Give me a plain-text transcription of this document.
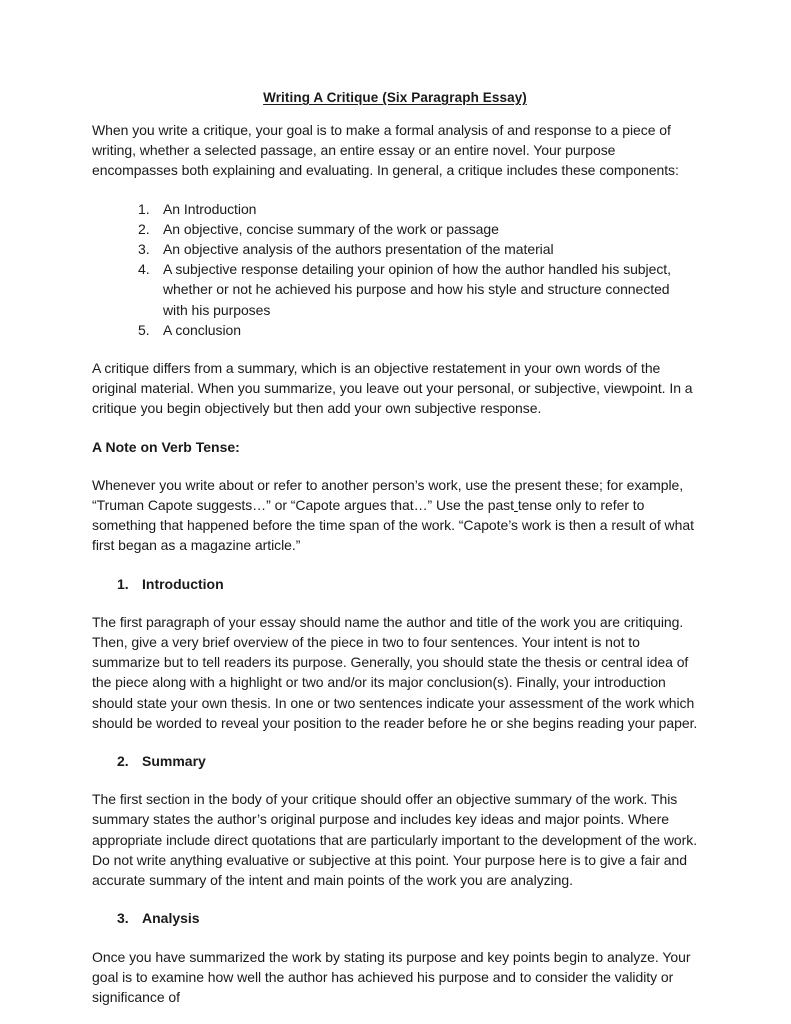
Writing A Critique (Six Paragraph Essay)

When you write a critique, your goal is to make a formal analysis of and response to a piece of writing, whether a selected passage, an entire essay or an entire novel. Your purpose encompasses both explaining and evaluating. In general, a critique includes these components:

1. An Introduction
2. An objective, concise summary of the work or passage
3. An objective analysis of the authors presentation of the material
4. A subjective response detailing your opinion of how the author handled his subject, whether or not he achieved his purpose and how his style and structure connected with his purposes
5. A conclusion

A critique differs from a summary, which is an objective restatement in your own words of the original material. When you summarize, you leave out your personal, or subjective, viewpoint. In a critique you begin objectively but then add your own subjective response.

A Note on Verb Tense:

Whenever you write about or refer to another person’s work, use the present these; for example, “Truman Capote suggests…” or “Capote argues that…” Use the past tense only to refer to something that happened before the time span of the work. “Capote’s work is then a result of what first began as a magazine article.”

1. Introduction

The first paragraph of your essay should name the author and title of the work you are critiquing. Then, give a very brief overview of the piece in two to four sentences. Your intent is not to summarize but to tell readers its purpose. Generally, you should state the thesis or central idea of the piece along with a highlight or two and/or its major conclusion(s). Finally, your introduction should state your own thesis. In one or two sentences indicate your assessment of the work which should be worded to reveal your position to the reader before he or she begins reading your paper.

2. Summary

The first section in the body of your critique should offer an objective summary of the work. This summary states the author’s original purpose and includes key ideas and major points. Where appropriate include direct quotations that are particularly important to the development of the work. Do not write anything evaluative or subjective at this point. Your purpose here is to give a fair and accurate summary of the intent and main points of the work you are analyzing.

3. Analysis

Once you have summarized the work by stating its purpose and key points begin to analyze. Your goal is to examine how well the author has achieved his purpose and to consider the validity or significance of
